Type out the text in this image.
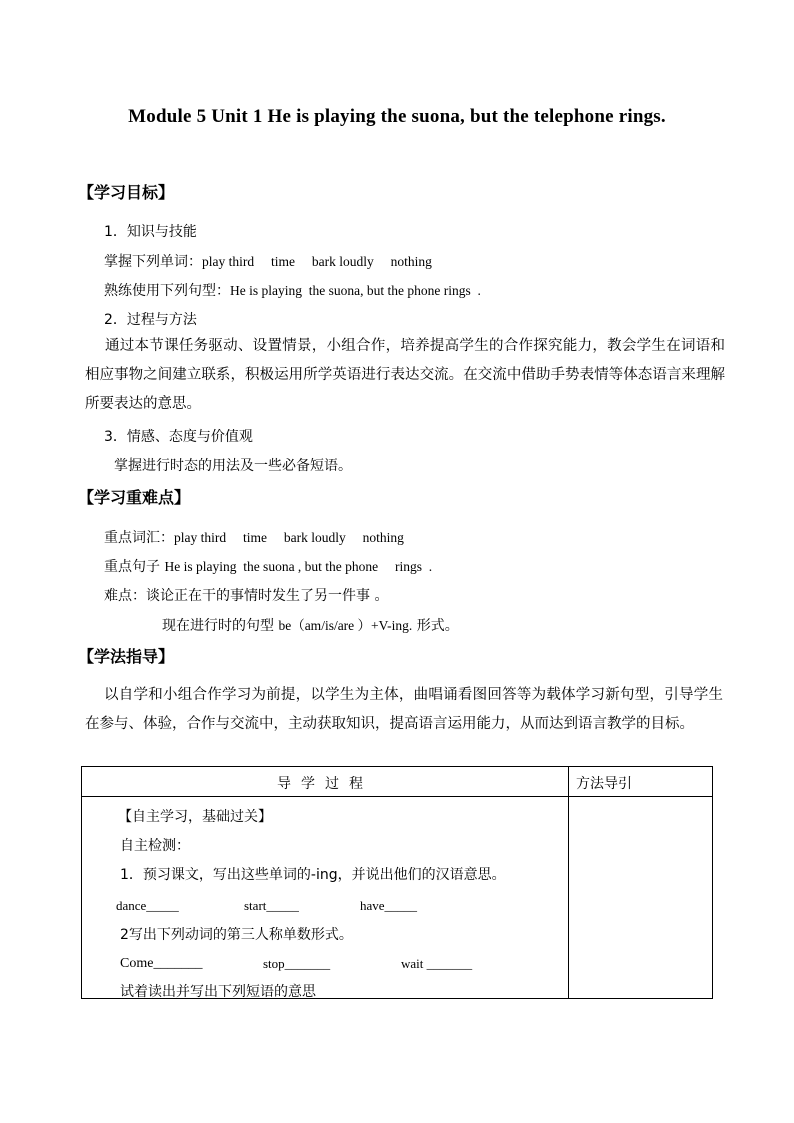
Module 5 Unit 1 He is playing the suona, but the telephone rings.
【学习目标】
1．知识与技能
掌握下列单词：play third     time     bark loudly     nothing
熟练使用下列句型：He is playing  the suona, but the phone rings  .
2．过程与方法
通过本节课任务驱动、设置情景，小组合作，培养提高学生的合作探究能力，教会学生在词语和相应事物之间建立联系，积极运用所学英语进行表达交流。在交流中借助手势表情等体态语言来理解所要表达的意思。
3．情感、态度与价值观
掌握进行时态的用法及一些必备短语。
【学习重难点】
重点词汇：play third     time     bark loudly     nothing
重点句子 He is playing  the suona , but the phone     rings  .
难点：谈论正在干的事情时发生了另一件事 。
现在进行时的句型 be（am/is/are ）+V-ing. 形式。
【学法指导】
以自学和小组合作学习为前提，以学生为主体，曲唱诵看图回答等为载体学习新句型，引导学生在参与、体验，合作与交流中，主动获取知识，提高语言运用能力，从而达到语言教学的目标。
导学过程	方法导引
【自主学习，基础过关】
自主检测：
1．预习课文，写出这些单词的-ing，并说出他们的汉语意思。
dance_____	start_____	have_____
2写出下列动词的第三人称单数形式。
Come_______	stop_______	wait _______
试着读出并写出下列短语的意思
